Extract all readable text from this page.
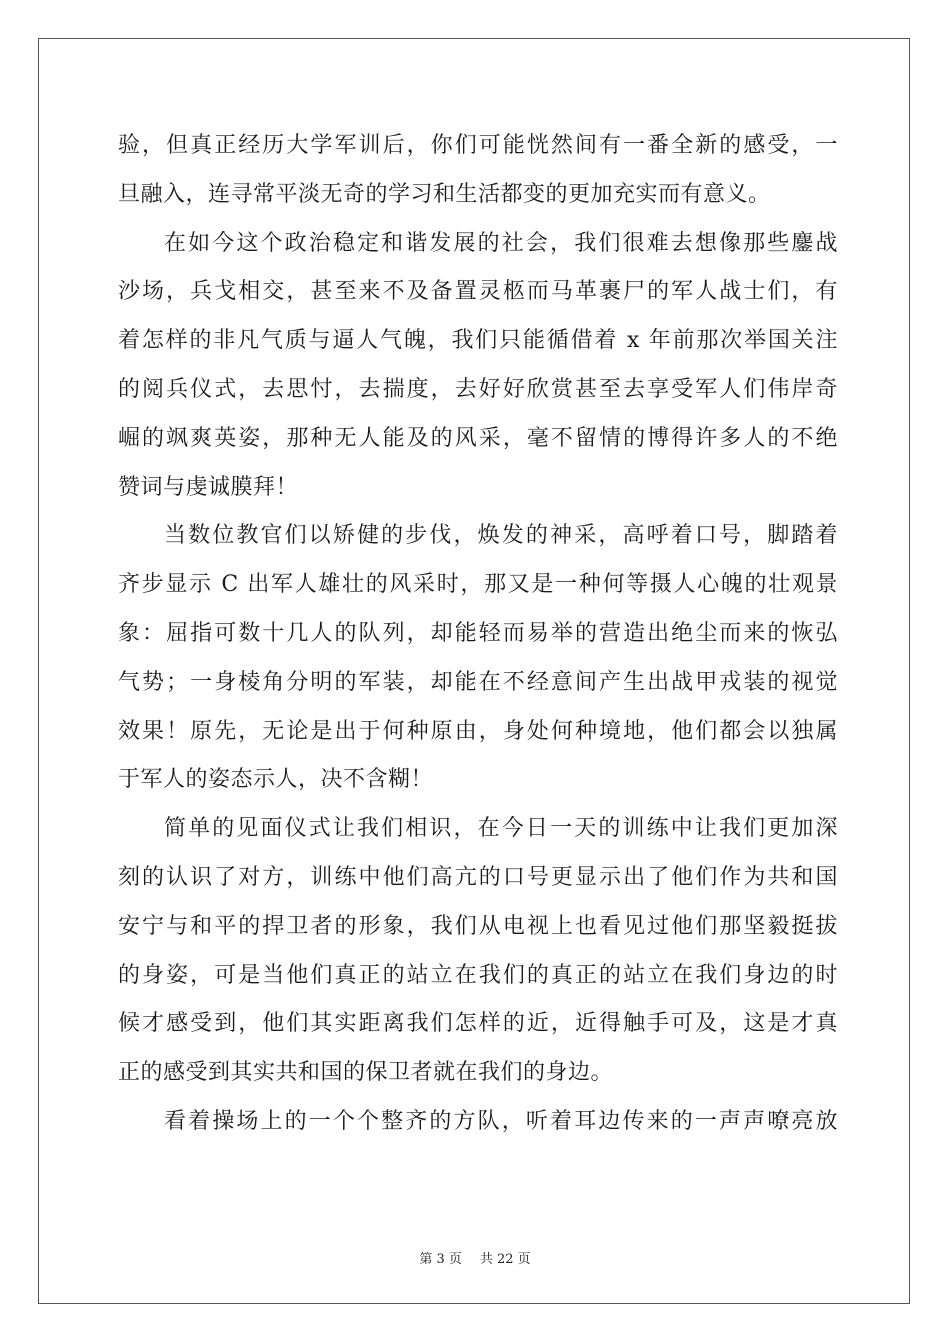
验，但真正经历大学军训后，你们可能恍然间有一番全新的感受，一
旦融入，连寻常平淡无奇的学习和生活都变的更加充实而有意义。
在如今这个政治稳定和谐发展的社会，我们很难去想像那些鏖战
沙场，兵戈相交，甚至来不及备置灵柩而马革裹尸的军人战士们，有
着怎样的非凡气质与逼人气魄，我们只能循借着 x 年前那次举国关注
的阅兵仪式，去思忖，去揣度，去好好欣赏甚至去享受军人们伟岸奇
崛的飒爽英姿，那种无人能及的风采，毫不留情的博得许多人的不绝
赞词与虔诚膜拜！
当数位教官们以矫健的步伐，焕发的神采，高呼着口号，脚踏着
齐步显示 C 出军人雄壮的风采时，那又是一种何等摄人心魄的壮观景
象：屈指可数十几人的队列，却能轻而易举的营造出绝尘而来的恢弘
气势；一身棱角分明的军装，却能在不经意间产生出战甲戎装的视觉
效果！原先，无论是出于何种原由，身处何种境地，他们都会以独属
于军人的姿态示人，决不含糊！
简单的见面仪式让我们相识，在今日一天的训练中让我们更加深
刻的认识了对方，训练中他们高亢的口号更显示出了他们作为共和国
安宁与和平的捍卫者的形象，我们从电视上也看见过他们那坚毅挺拔
的身姿，可是当他们真正的站立在我们的真正的站立在我们身边的时
候才感受到，他们其实距离我们怎样的近，近得触手可及，这是才真
正的感受到其实共和国的保卫者就在我们的身边。
看着操场上的一个个整齐的方队，听着耳边传来的一声声嘹亮放
第 3 页 共 22 页
